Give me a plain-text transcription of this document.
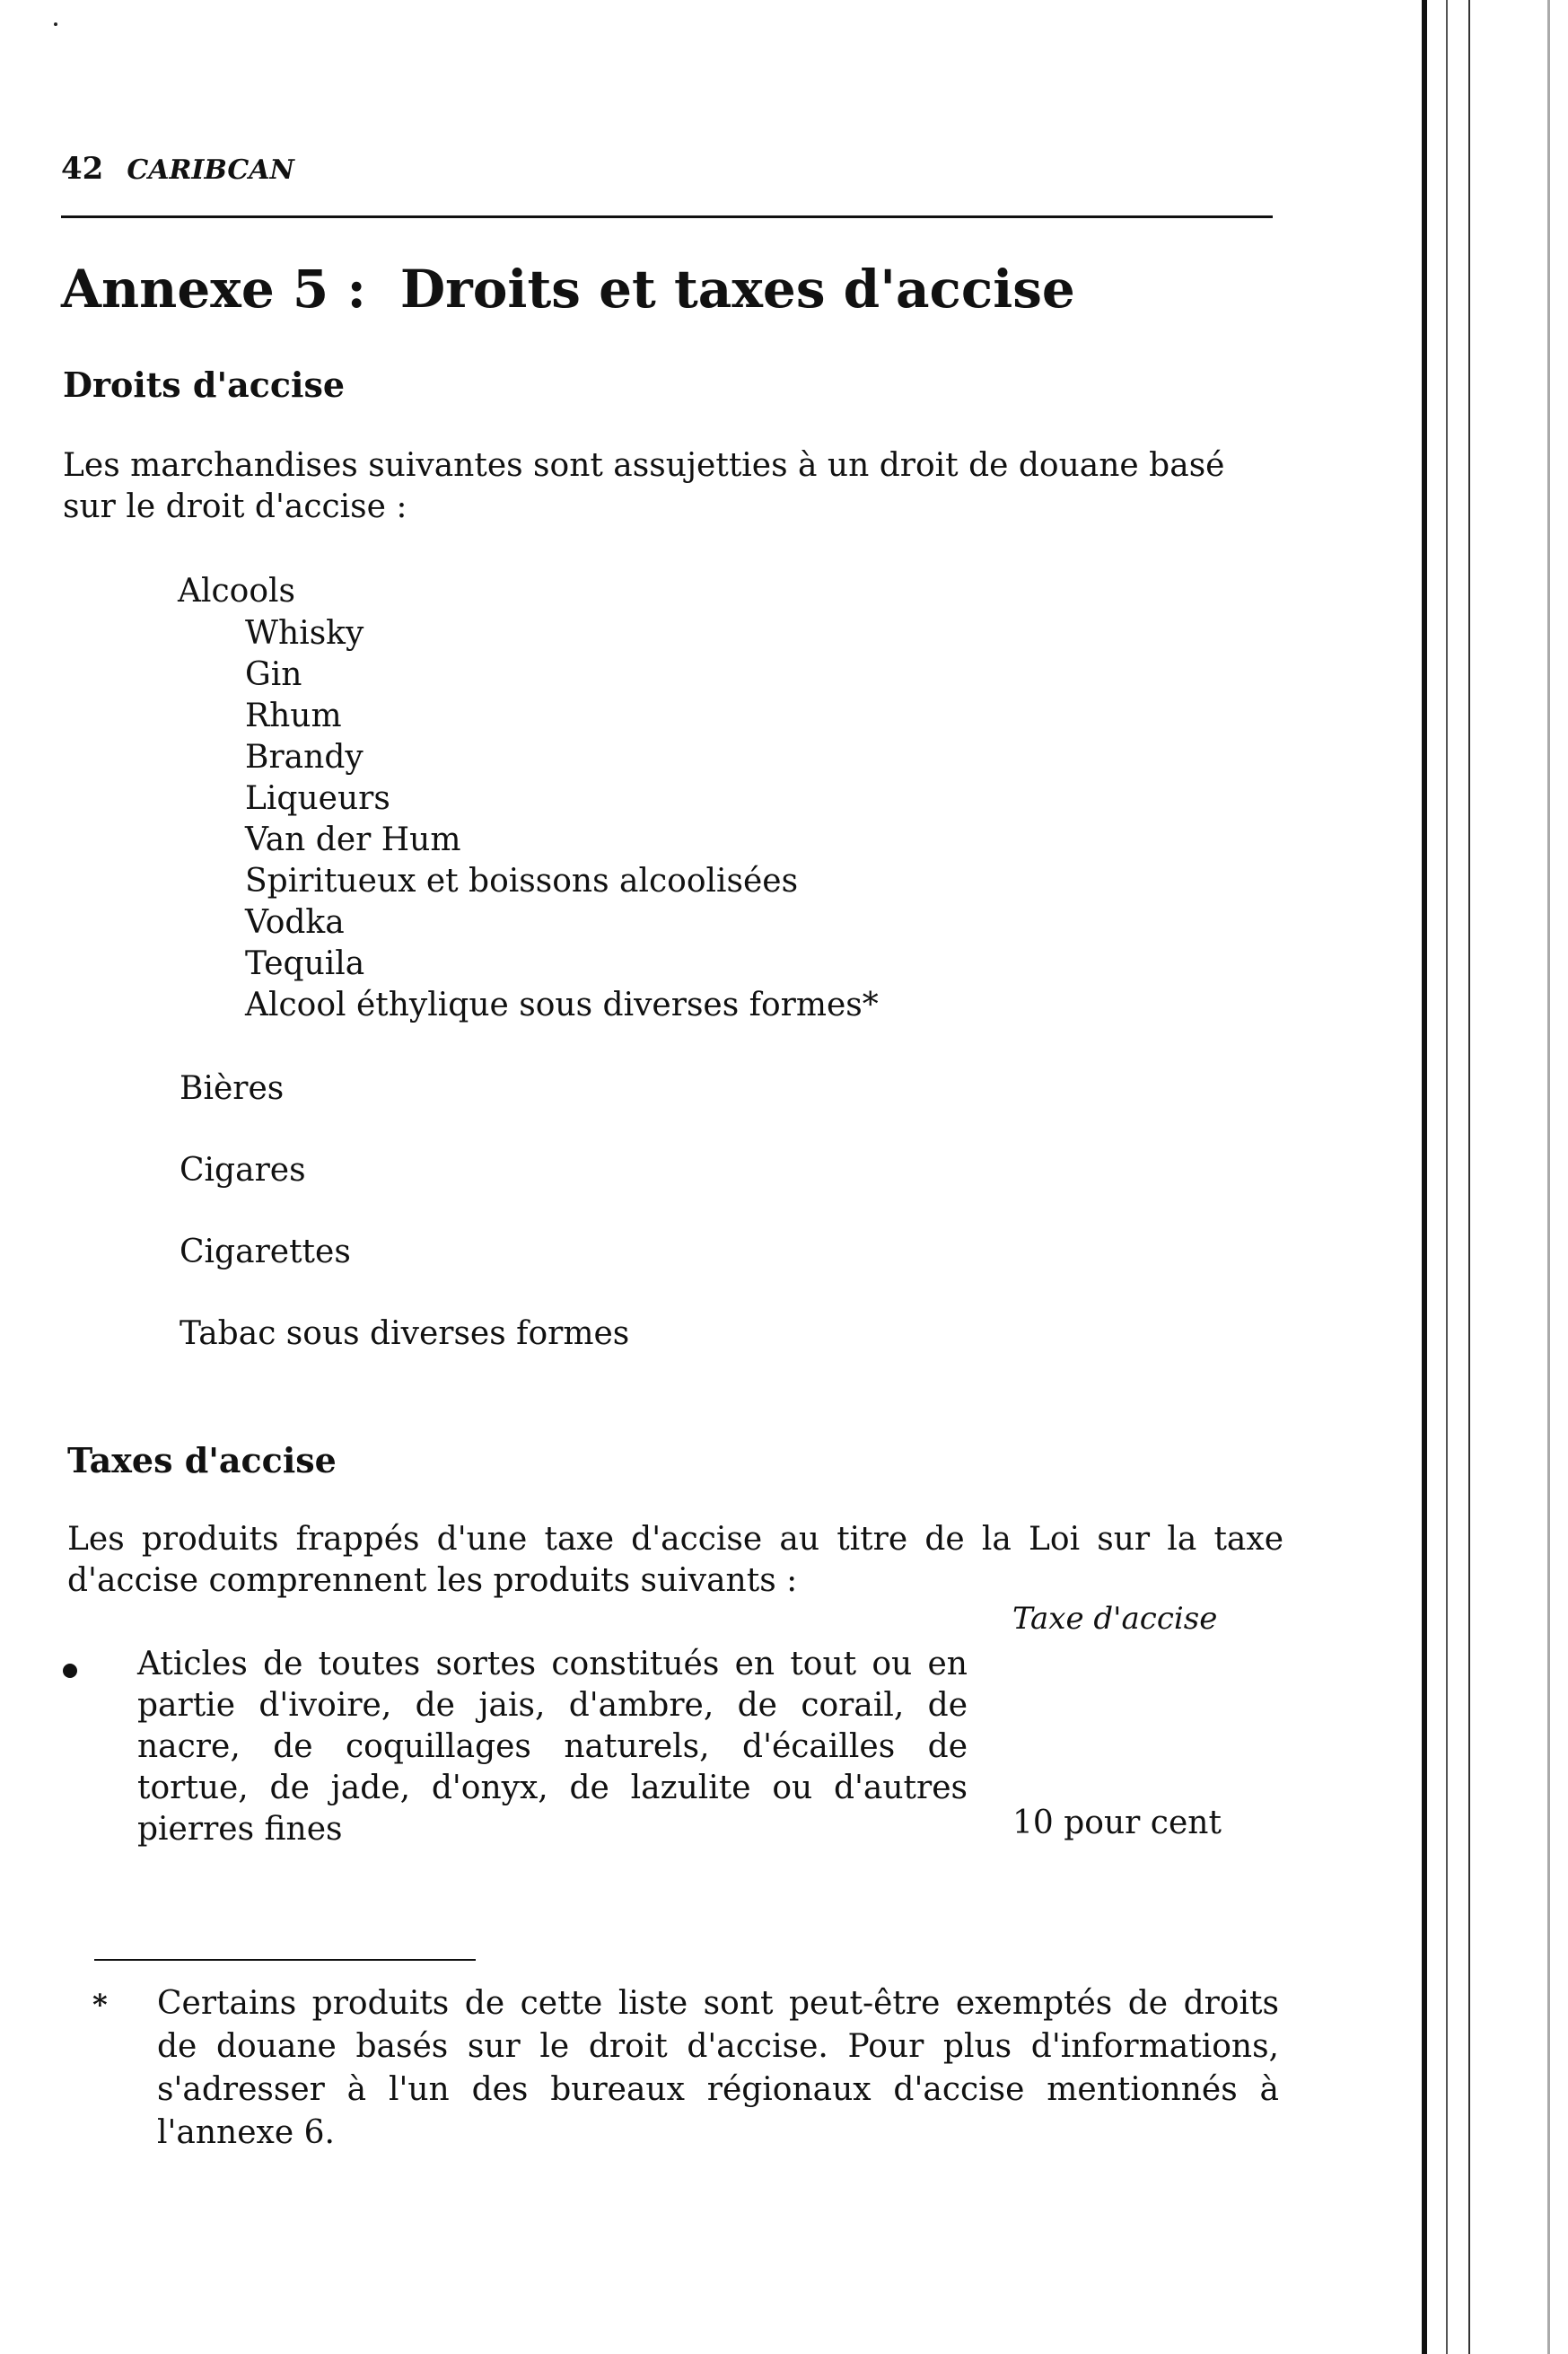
42 CARIBCAN
Annexe 5 : Droits et taxes d'accise
Droits d'accise
Les marchandises suivantes sont assujetties à un droit de douane basé sur le droit d'accise :
Alcools
Whisky
Gin
Rhum
Brandy
Liqueurs
Van der Hum
Spiritueux et boissons alcoolisées
Vodka
Tequila
Alcool éthylique sous diverses formes*
Bières
Cigares
Cigarettes
Tabac sous diverses formes
Taxes d'accise
Les produits frappés d'une taxe d'accise au titre de la Loi sur la taxe d'accise comprennent les produits suivants :
Taxe d'accise
Aticles de toutes sortes constitués en tout ou en partie d'ivoire, de jais, d'ambre, de corail, de nacre, de coquillages naturels, d'écailles de tortue, de jade, d'onyx, de lazulite ou d'autres pierres fines	10 pour cent
* Certains produits de cette liste sont peut-être exemptés de droits de douane basés sur le droit d'accise. Pour plus d'informations, s'adresser à l'un des bureaux régionaux d'accise mentionnés à l'annexe 6.
